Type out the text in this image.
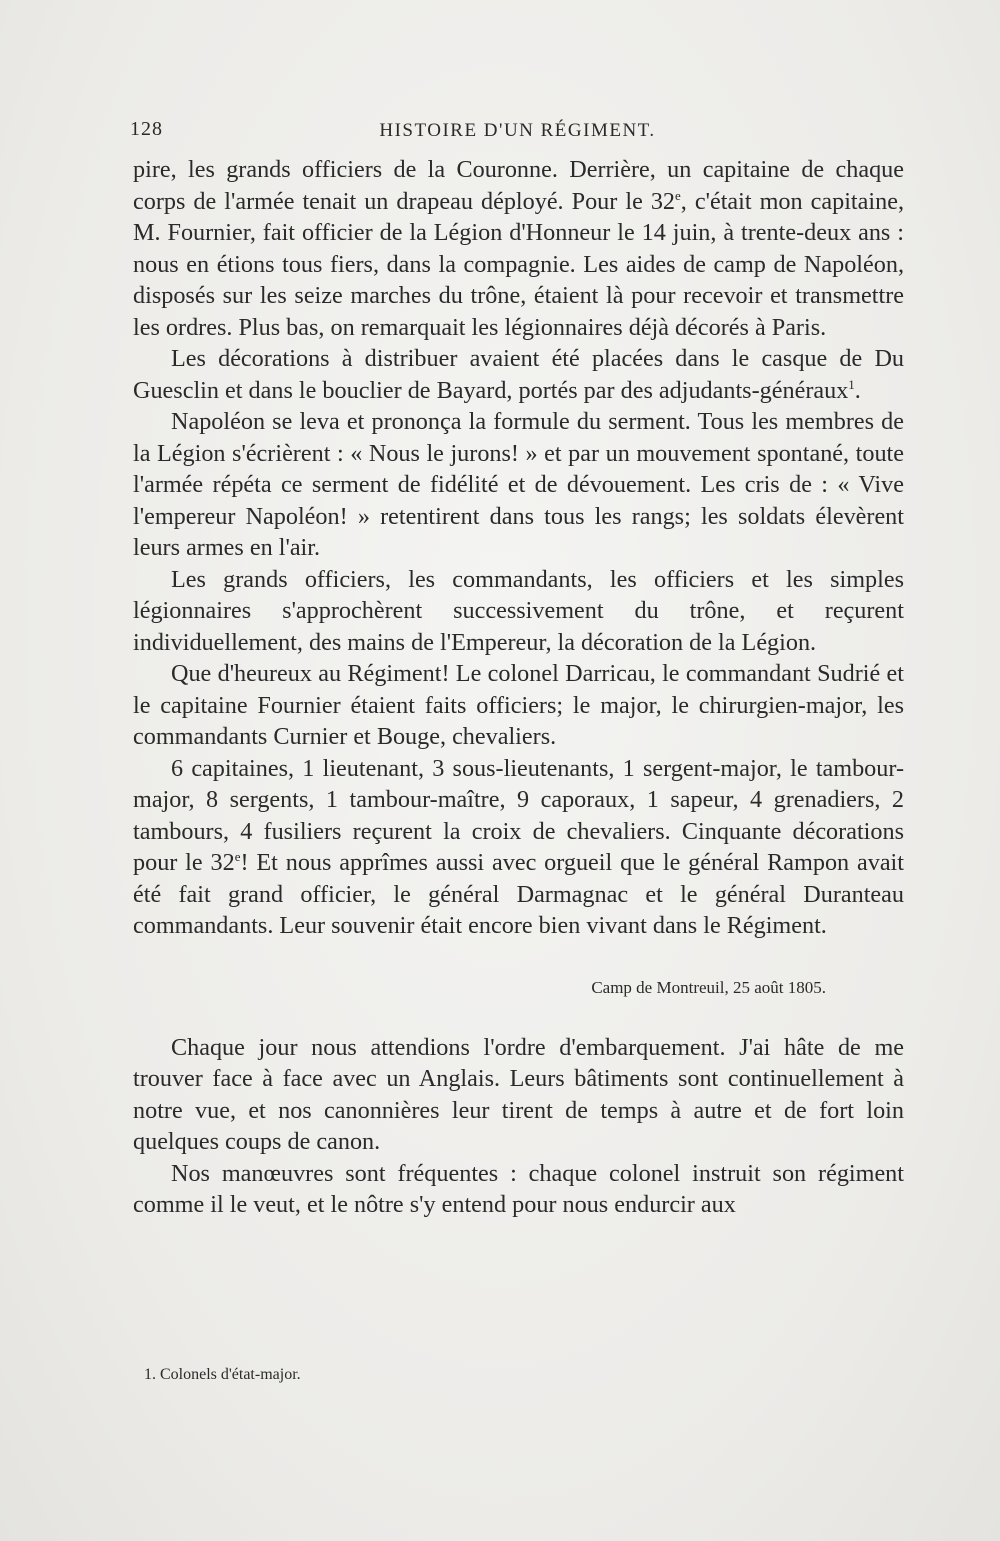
128	HISTOIRE D'UN RÉGIMENT.

pire, les grands officiers de la Couronne. Derrière, un capitaine de chaque corps de l'armée tenait un drapeau déployé. Pour le 32e, c'était mon capitaine, M. Fournier, fait officier de la Légion d'Honneur le 14 juin, à trente-deux ans : nous en étions tous fiers, dans la compagnie. Les aides de camp de Napoléon, disposés sur les seize marches du trône, étaient là pour recevoir et transmettre les ordres. Plus bas, on remarquait les légionnaires déjà décorés à Paris.

Les décorations à distribuer avaient été placées dans le casque de Du Guesclin et dans le bouclier de Bayard, portés par des adjudants-généraux$^1$.

Napoléon se leva et prononça la formule du serment. Tous les membres de la Légion s'écrièrent : « Nous le jurons! » et par un mouvement spontané, toute l'armée répéta ce serment de fidélité et de dévouement. Les cris de : « Vive l'empereur Napoléon! » retentirent dans tous les rangs; les soldats élevèrent leurs armes en l'air.

Les grands officiers, les commandants, les officiers et les simples légionnaires s'approchèrent successivement du trône, et reçurent individuellement, des mains de l'Empereur, la décoration de la Légion.

Que d'heureux au Régiment! Le colonel Darricau, le commandant Sudrié et le capitaine Fournier étaient faits officiers; le major, le chirurgien-major, les commandants Curnier et Bouge, chevaliers.

6 capitaines, 1 lieutenant, 3 sous-lieutenants, 1 sergent-major, le tambour-major, 8 sergents, 1 tambour-maître, 9 caporaux, 1 sapeur, 4 grenadiers, 2 tambours, 4 fusiliers reçurent la croix de chevaliers. Cinquante décorations pour le 32e! Et nous apprîmes aussi avec orgueil que le général Rampon avait été fait grand officier, le général Darmagnac et le général Duranteau commandants. Leur souvenir était encore bien vivant dans le Régiment.

Camp de Montreuil, 25 août 1805.

Chaque jour nous attendions l'ordre d'embarquement. J'ai hâte de me trouver face à face avec un Anglais. Leurs bâtiments sont continuellement à notre vue, et nos canonnières leur tirent de temps à autre et de fort loin quelques coups de canon.

Nos manœuvres sont fréquentes : chaque colonel instruit son régiment comme il le veut, et le nôtre s'y entend pour nous endurcir aux

1. Colonels d'état-major.
